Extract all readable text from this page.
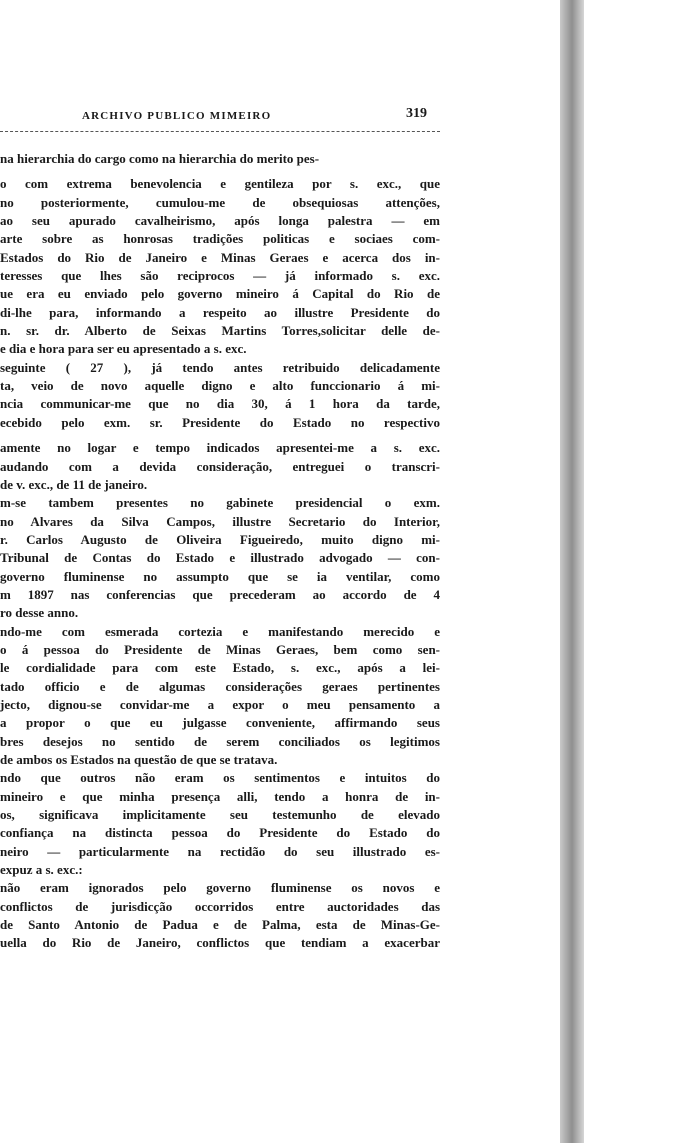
ARCHIVO PUBLICO MIMEIRO	319
na hierarchia do cargo como na hierarchia do merito pes-
o com extrema benevolencia e gentileza por s. exc., que
no posteriormente, cumulou-me de obsequiosas attenções,
ao seu apurado cavalheirismo, após longa palestra — em
arte sobre as honrosas tradições politicas e sociaes com-
Estados do Rio de Janeiro e Minas Geraes e acerca dos in-
teresses que lhes são reciprocos — já informado s. exc.
ue era eu enviado pelo governo mineiro á Capital do Rio de
di-lhe para, informando a respeito ao illustre Presidente do
n. sr. dr. Alberto de Seixas Martins Torres,solicitar delle de-
e dia e hora para ser eu apresentado a s. exc.
seguinte ( 27 ), já tendo antes retribuido delicadamente
ta, veio de novo aquelle digno e alto funccionario á mi-
ncia communicar-me que no dia 30, á 1 hora da tarde,
ecebido pelo exm. sr. Presidente do Estado no respectivo
amente no logar e tempo indicados apresentei-me a s. exc.
audando com a devida consideração, entreguei o transcri-
de v. exc., de 11 de janeiro.
m-se tambem presentes no gabinete presidencial o exm.
no Alvares da Silva Campos, illustre Secretario do Interior,
r. Carlos Augusto de Oliveira Figueiredo, muito digno mi-
Tribunal de Contas do Estado e illustrado advogado — con-
governo fluminense no assumpto que se ia ventilar, como
m 1897 nas conferencias que precederam ao accordo de 4
ro desse anno.
ndo-me com esmerada cortezia e manifestando merecido e
o á pessoa do Presidente de Minas Geraes, bem como sen-
le cordialidade para com este Estado, s. exc., após a lei-
tado officio e de algumas considerações geraes pertinentes
jecto, dignou-se convidar-me a expor o meu pensamento a
a propor o que eu julgasse conveniente, affirmando seus
bres desejos no sentido de serem conciliados os legitimos
de ambos os Estados na questão de que se tratava.
ndo que outros não eram os sentimentos e intuitos do
mineiro e que minha presença alli, tendo a honra de in-
os, significava implicitamente seu testemunho de elevado
confiança na distincta pessoa do Presidente do Estado do
neiro — particularmente na rectidão do seu illustrado es-
expuz a s. exc.:
não eram ignorados pelo governo fluminense os novos e
conflictos de jurisdicção occorridos entre auctoridades das
de Santo Antonio de Padua e de Palma, esta de Minas-Ge-
uella do Rio de Janeiro, conflictos que tendiam a exacerbar
